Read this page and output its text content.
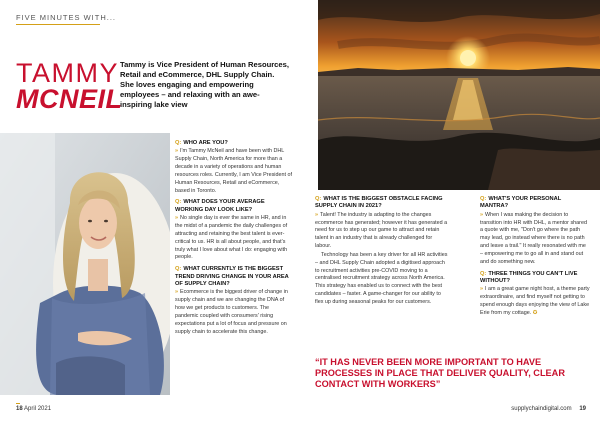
FIVE MINUTES WITH...
TAMMY
MCNEIL
Tammy is Vice President of Human Resources, Retail and eCommerce, DHL Supply Chain. She loves engaging and empowering employees – and relaxing with an awe-inspiring lake view
Q: WHO ARE YOU?
» I'm Tammy McNeil and have been with DHL Supply Chain, North America for more than a decade in a variety of operations and human resources roles. Currently, I am Vice President of Human Resources, Retail and eCommerce, based in Toronto.
Q: WHAT DOES YOUR AVERAGE WORKING DAY LOOK LIKE?
» No single day is ever the same in HR, and in the midst of a pandemic the daily challenges of attracting and retaining the best talent is ever-critical to us. HR is all about people, and that's truly what I love about what I do: engaging with people.
Q: WHAT CURRENTLY IS THE BIGGEST TREND DRIVING CHANGE IN YOUR AREA OF SUPPLY CHAIN?
» Ecommerce is the biggest driver of change in supply chain and we are changing the DNA of how we get products to customers. The pandemic coupled with consumers' rising expectations put a lot of focus and pressure on supply chain to accelerate this change.
18 April 2021
Q: WHAT IS THE BIGGEST OBSTACLE FACING SUPPLY CHAIN IN 2021?
» Talent! The industry is adapting to the changes ecommerce has generated; however it has generated a need for us to step up our game to attract and retain talent in an industry that is already challenged for labour.
Technology has been a key driver for all HR activities – and DHL Supply Chain adopted a digitised approach to recruitment activities pre-COVID moving to a centralised recruitment strategy across North America. This strategy has enabled us to connect with the best candidates – faster. A game-changer for our ability to flex up during seasonal peaks for our customers.
Q: WHAT'S YOUR PERSONAL MANTRA?
» When I was making the decision to transition into HR with DHL, a mentor shared a quote with me, "Don't go where the path may lead, go instead where there is no path and leave a trail." It really resonated with me – empowering me to go all in and stand out and do something new.
Q: THREE THINGS YOU CAN'T LIVE WITHOUT?
» I am a great game night host, a theme party extraordinaire, and find myself not getting to spend enough days enjoying the view of Lake Erie from my cottage. ✪
“IT HAS NEVER BEEN MORE IMPORTANT TO HAVE PROCESSES IN PLACE THAT DELIVER QUALITY, CLEAR CONTACT WITH WORKERS”
supplychaindigital.com 19
